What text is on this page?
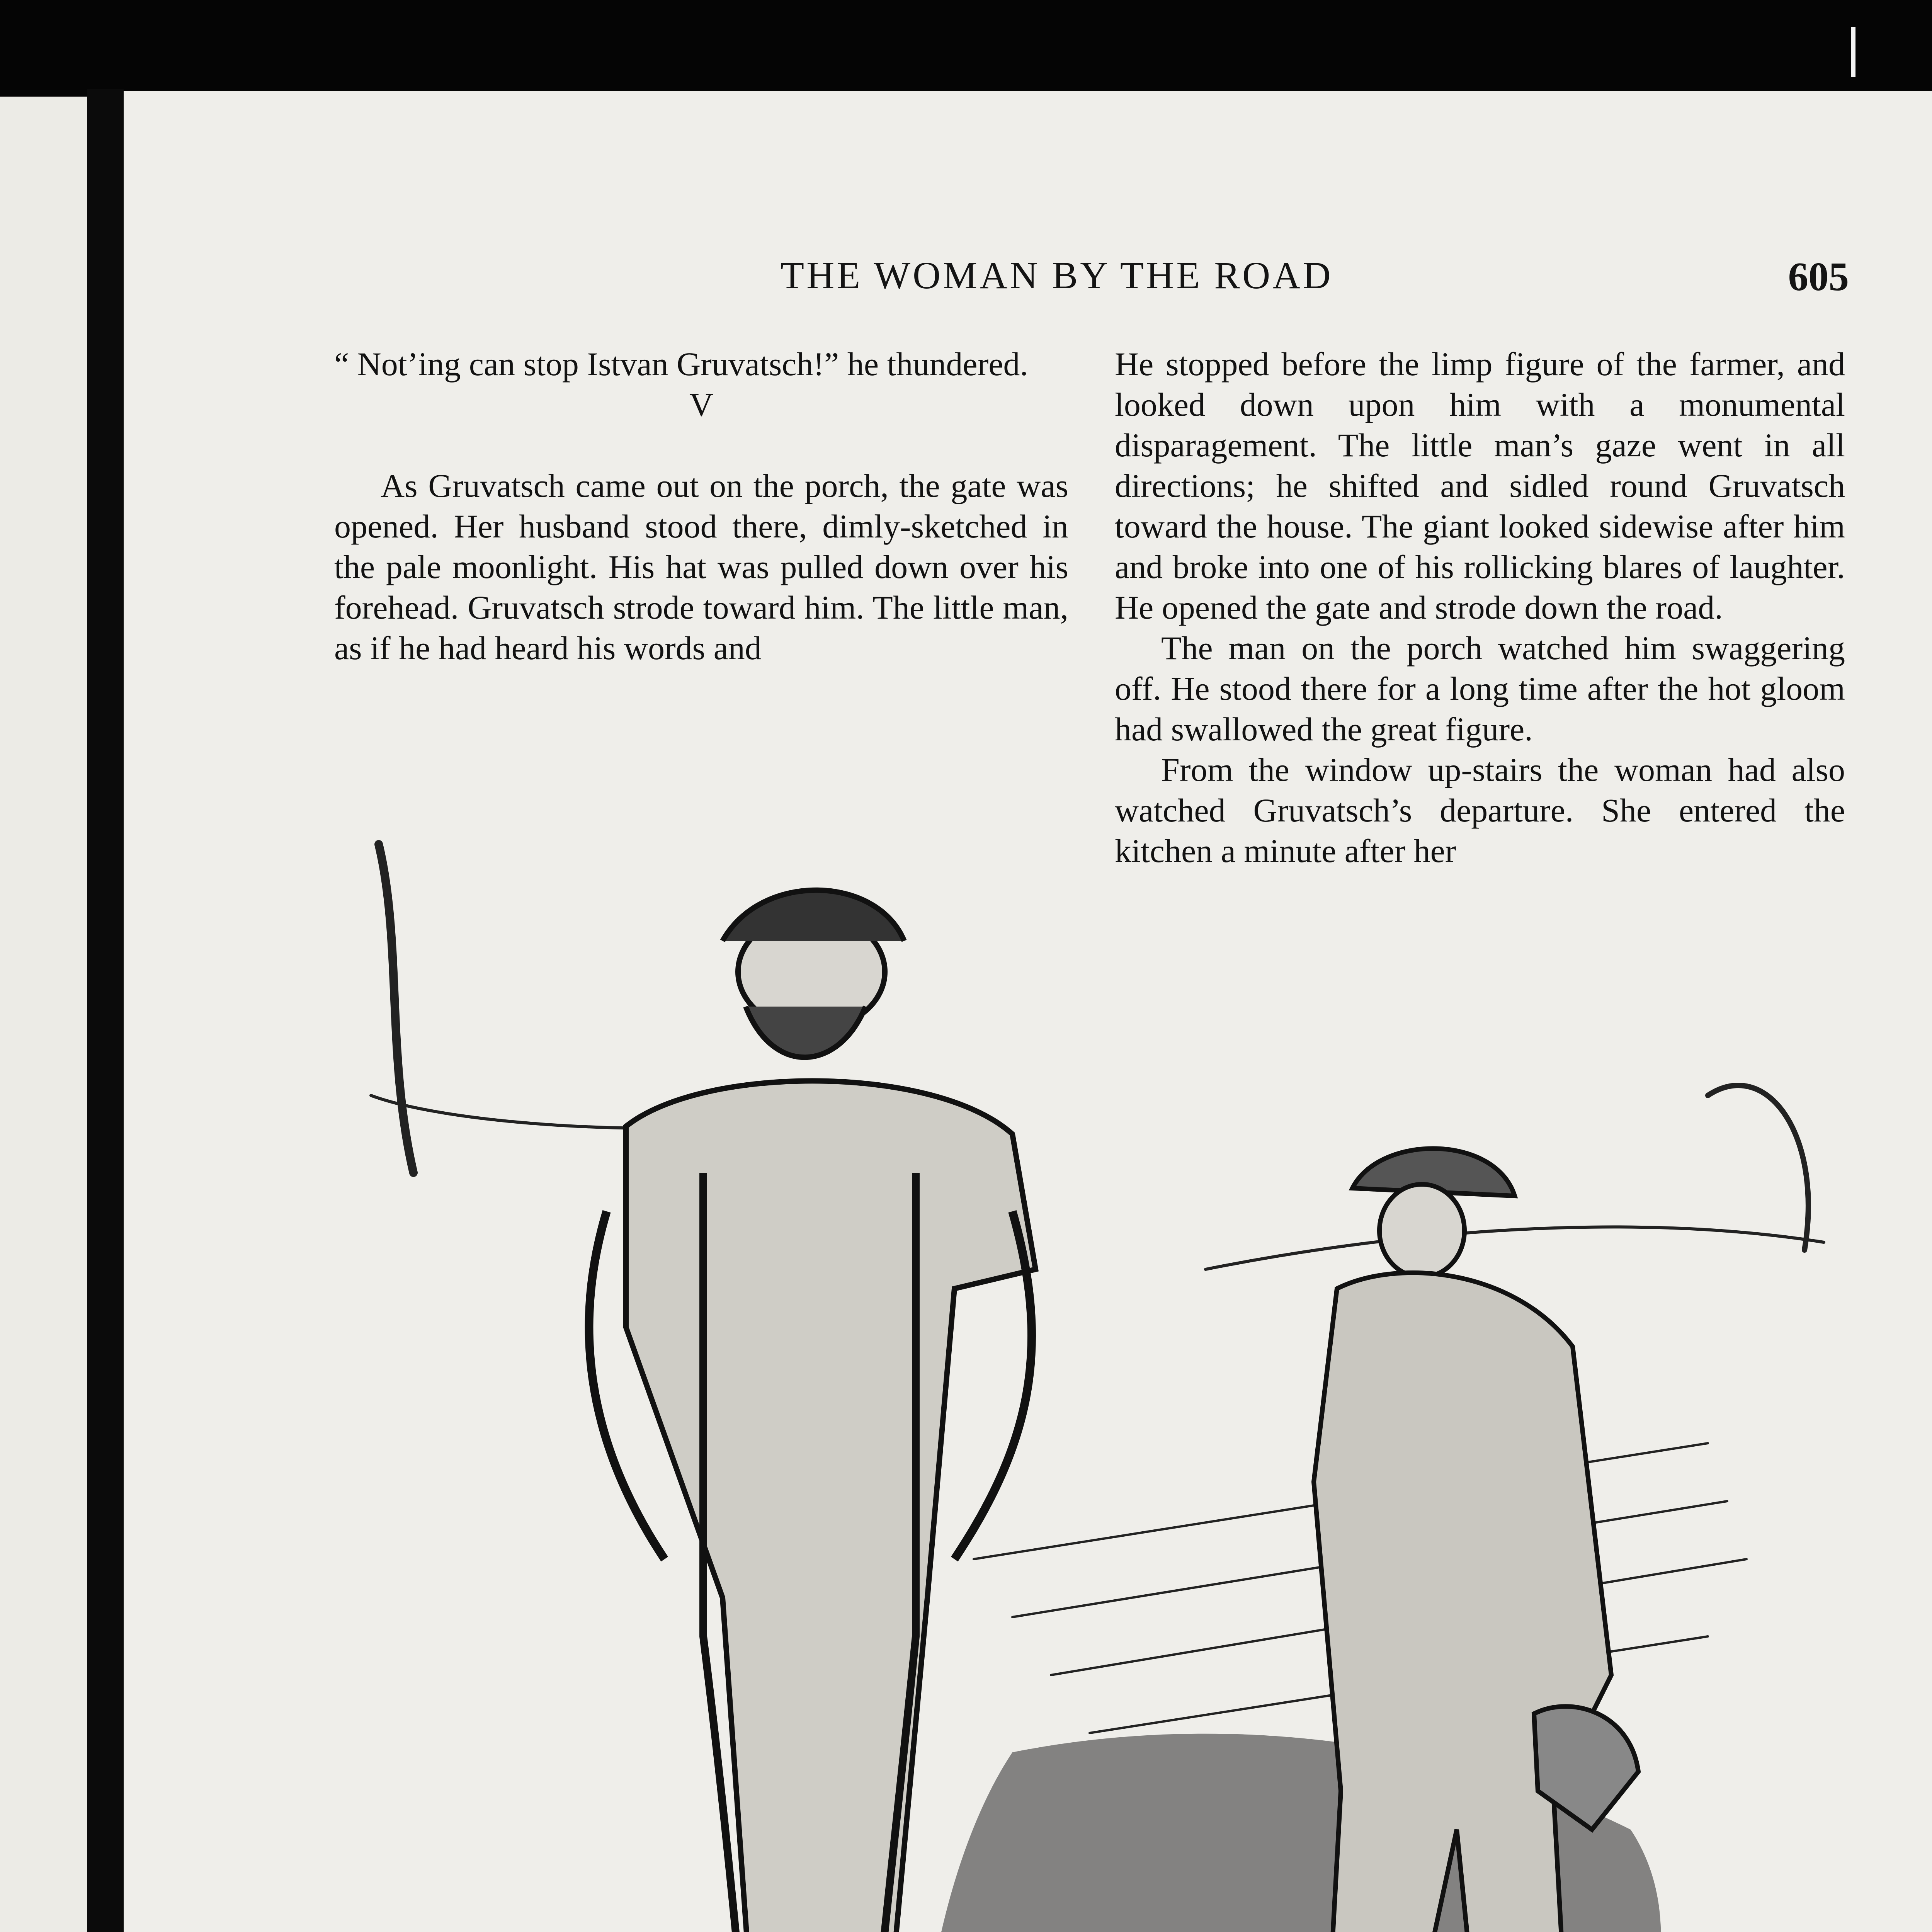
THE WOMAN BY THE ROAD	605

“ Not’ing can stop Istvan Gruvatsch!” he thundered.

V

As Gruvatsch came out on the porch, the gate was opened. Her husband stood there, dimly-sketched in the pale moonlight. His hat was pulled down over his forehead. Gruvatsch strode toward him. The little man, as if he had heard his words and

He stopped before the limp figure of the farmer, and looked down upon him with a monumental disparagement. The little man’s gaze went in all directions; he shifted and sidled round Gruvatsch toward the house. The giant looked sidewise after him and broke into one of his rollicking blares of laughter. He opened the gate and strode down the road.

The man on the porch watched him swaggering off. He stood there for a long time after the hot gloom had swallowed the great figure.

From the window up-stairs the woman had also watched Gruvatsch’s departure. She entered the kitchen a minute after her
